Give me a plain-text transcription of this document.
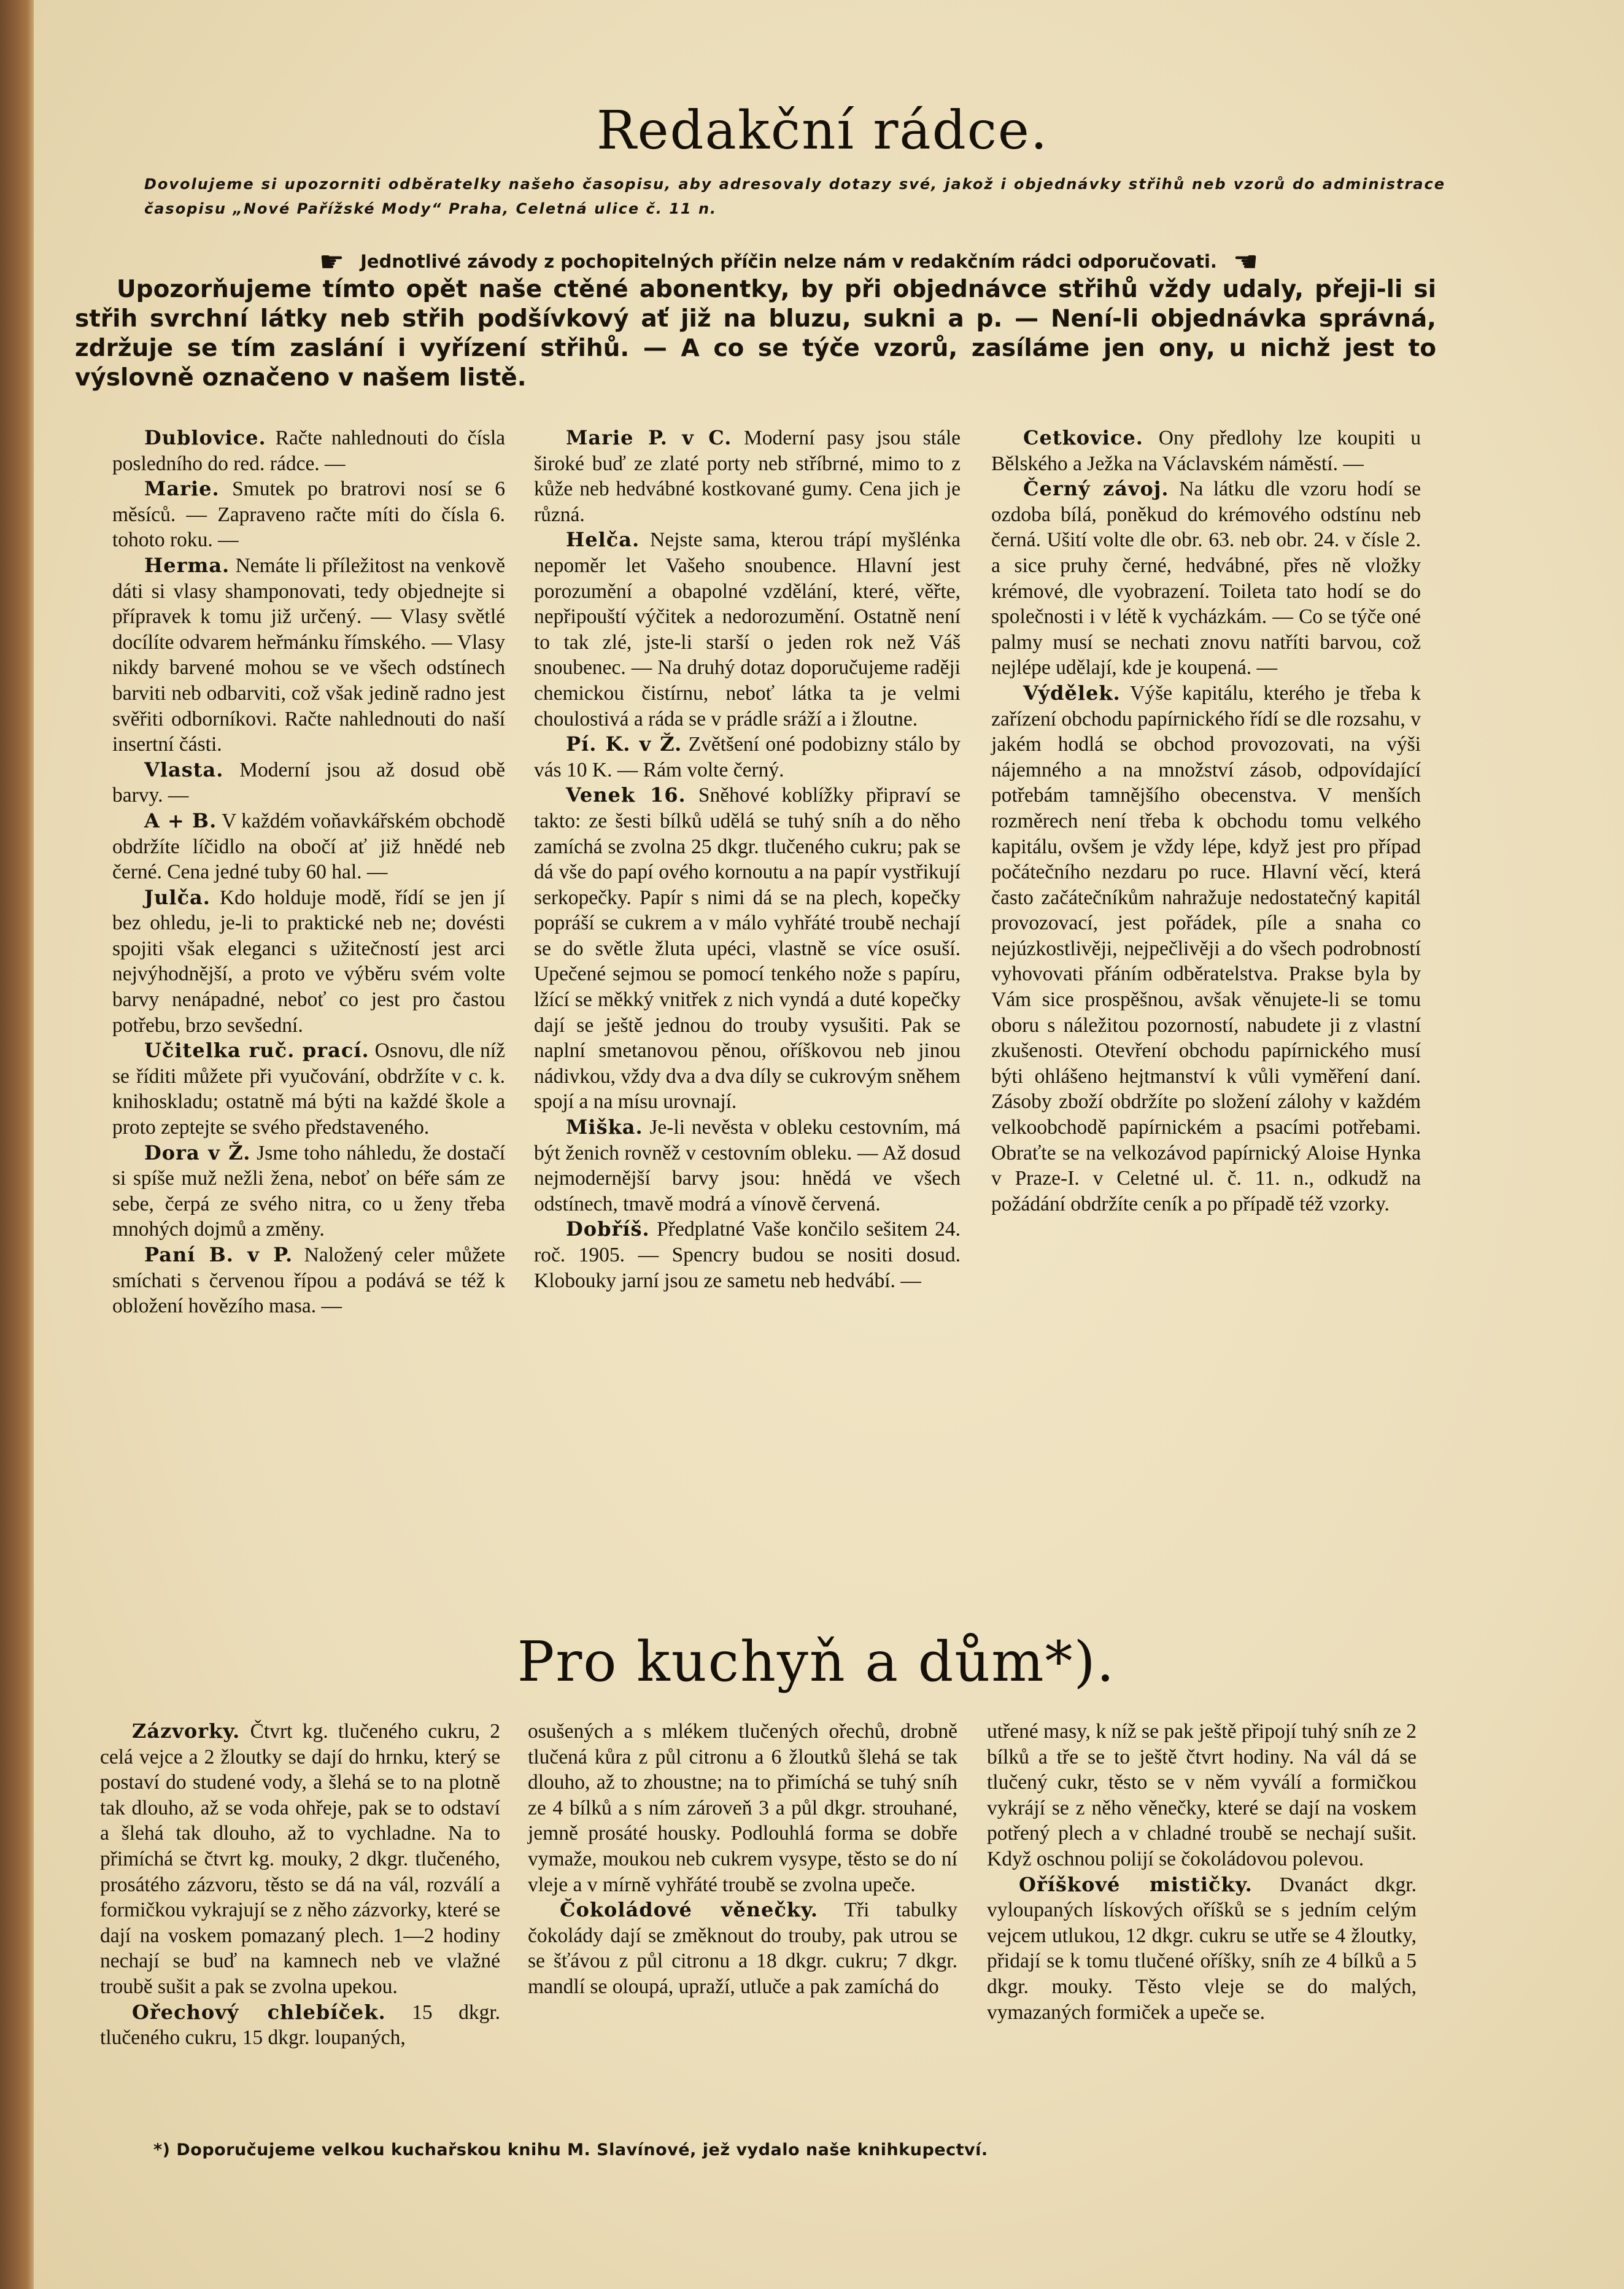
Redakční rádce.

Dovolujeme si upozorniti odběratelky našeho časopisu, aby adresovaly dotazy své, jakož i objednávky střihů neb vzorů do administrace časopisu „Nové Pařížské Mody“ Praha, Celetná ulice č. 11 n.

☛ Jednotlivé závody z pochopitelných příčin nelze nám v redakčním rádci odporučovati. ☚

Upozorňujeme tímto opět naše ctěné abonentky, by při objednávce střihů vždy udaly, přeji-li si střih svrchní látky neb střih podšívkový ať již na bluzu, sukni a p. — Není-li objednávka správná, zdržuje se tím zaslání i vyřízení střihů. — A co se týče vzorů, zasíláme jen ony, u nichž jest to výslovně označeno v našem listě.

Dublovice. Račte nahlednouti do čísla posledního do red. rádce. —

Marie. Smutek po bratrovi nosí se 6 měsíců. — Zapraveno račte míti do čísla 6. tohoto roku. —

Herma. Nemáte li příležitost na venkově dáti si vlasy shamponovati, tedy objednejte si přípravek k tomu již určený. — Vlasy světlé docílíte odvarem heřmánku římského. — Vlasy nikdy barvené mohou se ve všech odstínech barviti neb odbarviti, což však jedině radno jest svěřiti odborníkovi. Račte nahlednouti do naší insertní části.

Vlasta. Moderní jsou až dosud obě barvy. —

A + B. V každém voňavkářském obchodě obdržíte líčidlo na obočí ať již hnědé neb černé. Cena jedné tuby 60 hal. —

Julča. Kdo holduje modě, řídí se jen jí bez ohledu, je-li to praktické neb ne; dovésti spojiti však eleganci s užitečností jest arci nejvýhodnější, a proto ve výběru svém volte barvy nenápadné, neboť co jest pro častou potřebu, brzo sevšední.

Učitelka ruč. prací. Osnovu, dle níž se říditi můžete při vyučování, obdržíte v c. k. knihoskladu; ostatně má býti na každé škole a proto zeptejte se svého představeného.

Dora v Ž. Jsme toho náhledu, že dostačí si spíše muž nežli žena, neboť on béře sám ze sebe, čerpá ze svého nitra, co u ženy třeba mnohých dojmů a změny.

Paní B. v P. Naložený celer můžete smíchati s červenou řípou a podává se též k obložení hovězího masa. —

Marie P. v C. Moderní pasy jsou stále široké buď ze zlaté porty neb stříbrné, mimo to z kůže neb hedvábné kostkované gumy. Cena jich je různá.

Helča. Nejste sama, kterou trápí myšlénka nepoměr let Vašeho snoubence. Hlavní jest porozumění a obapolné vzdělání, které, věřte, nepřipouští výčitek a nedorozumění. Ostatně není to tak zlé, jste-li starší o jeden rok než Váš snoubenec. — Na druhý dotaz doporučujeme raději chemickou čistírnu, neboť látka ta je velmi choulostivá a ráda se v prádle sráží a i žloutne.

Pí. K. v Ž. Zvětšení oné podobizny stálo by vás 10 K. — Rám volte černý.

Venek 16. Sněhové koblížky připraví se takto: ze šesti bílků udělá se tuhý sníh a do něho zamíchá se zvolna 25 dkgr. tlučeného cukru; pak se dá vše do papí ového kornoutu a na papír vystřikují serkopečky. Papír s nimi dá se na plech, kopečky popráší se cukrem a v málo vyhřáté troubě nechají se do světle žluta upéci, vlastně se více osuší. Upečené sejmou se pomocí tenkého nože s papíru, lžící se měkký vnitřek z nich vyndá a duté kopečky dají se ještě jednou do trouby vysušiti. Pak se naplní smetanovou pěnou, oříškovou neb jinou nádivkou, vždy dva a dva díly se cukrovým sněhem spojí a na mísu urovnají.

Miška. Je-li nevěsta v obleku cestovním, má být ženich rovněž v cestovním obleku. — Až dosud nejmodernější barvy jsou: hnědá ve všech odstínech, tmavě modrá a vínově červená.

Dobříš. Předplatné Vaše končilo sešitem 24. roč. 1905. — Spencry budou se nositi dosud. Klobouky jarní jsou ze sametu neb hedvábí. —

Cetkovice. Ony předlohy lze koupiti u Bělského a Ježka na Václavském náměstí. —

Černý závoj. Na látku dle vzoru hodí se ozdoba bílá, poněkud do krémového odstínu neb černá. Ušití volte dle obr. 63. neb obr. 24. v čísle 2. a sice pruhy černé, hedvábné, přes ně vložky krémové, dle vyobrazení. Toileta tato hodí se do společnosti i v létě k vycházkám. — Co se týče oné palmy musí se nechati znovu natříti barvou, což nejlépe udělají, kde je koupená. —

Výdělek. Výše kapitálu, kterého je třeba k zařízení obchodu papírnického řídí se dle rozsahu, v jakém hodlá se obchod provozovati, na výši nájemného a na množství zásob, odpovídající potřebám tamnějšího obecenstva. V menších rozměrech není třeba k obchodu tomu velkého kapitálu, ovšem je vždy lépe, když jest pro případ počátečního nezdaru po ruce. Hlavní věcí, která často začátečníkům nahražuje nedostatečný kapitál provozovací, jest pořádek, píle a snaha co nejúzkostlivěji, nejpečlivěji a do všech podrobností vyhovovati přáním odběratelstva. Prakse byla by Vám sice prospěšnou, avšak věnujete-li se tomu oboru s náležitou pozorností, nabudete ji z vlastní zkušenosti. Otevření obchodu papírnického musí býti ohlášeno hejtmanství k vůli vyměření daní. Zásoby zboží obdržíte po složení zálohy v každém velkoobchodě papírnickém a psacími potřebami. Obraťte se na velkozávod papírnický Aloise Hynka v Praze-I. v Celetné ul. č. 11. n., odkudž na požádání obdržíte ceník a po případě též vzorky.

Pro kuchyň a dům*).

Zázvorky. Čtvrt kg. tlučeného cukru, 2 celá vejce a 2 žloutky se dají do hrnku, který se postaví do studené vody, a šlehá se to na plotně tak dlouho, až se voda ohřeje, pak se to odstaví a šlehá tak dlouho, až to vychladne. Na to přimíchá se čtvrt kg. mouky, 2 dkgr. tlučeného, prosátého zázvoru, těsto se dá na vál, rozválí a formičkou vykrajují se z něho zázvorky, které se dají na voskem pomazaný plech. 1—2 hodiny nechají se buď na kamnech neb ve vlažné troubě sušit a pak se zvolna upekou.

Ořechový chlebíček. 15 dkgr. tlučeného cukru, 15 dkgr. loupaných,

osušených a s mlékem tlučených ořechů, drobně tlučená kůra z půl citronu a 6 žloutků šlehá se tak dlouho, až to zhoustne; na to přimíchá se tuhý sníh ze 4 bílků a s ním zároveň 3 a půl dkgr. strouhané, jemně prosáté housky. Podlouhlá forma se dobře vymaže, moukou neb cukrem vysype, těsto se do ní vleje a v mírně vyhřáté troubě se zvolna upeče.

Čokoládové věnečky. Tři tabulky čokolády dají se změknout do trouby, pak utrou se se šťávou z půl citronu a 18 dkgr. cukru; 7 dkgr. mandlí se oloupá, upraží, utluče a pak zamíchá do

utřené masy, k níž se pak ještě připojí tuhý sníh ze 2 bílků a tře se to ještě čtvrt hodiny. Na vál dá se tlučený cukr, těsto se v něm vyválí a formičkou vykrájí se z něho věnečky, které se dají na voskem potřený plech a v chladné troubě se nechají sušit. Když oschnou polijí se čokoládovou polevou.

Oříškové mističky. Dvanáct dkgr. vyloupaných lískových oříšků se s jedním celým vejcem utlukou, 12 dkgr. cukru se utře se 4 žloutky, přidají se k tomu tlučené oříšky, sníh ze 4 bílků a 5 dkgr. mouky. Těsto vleje se do malých, vymazaných formiček a upeče se.

*) Doporučujeme velkou kuchařskou knihu M. Slavínové, jež vydalo naše knihkupectví.
